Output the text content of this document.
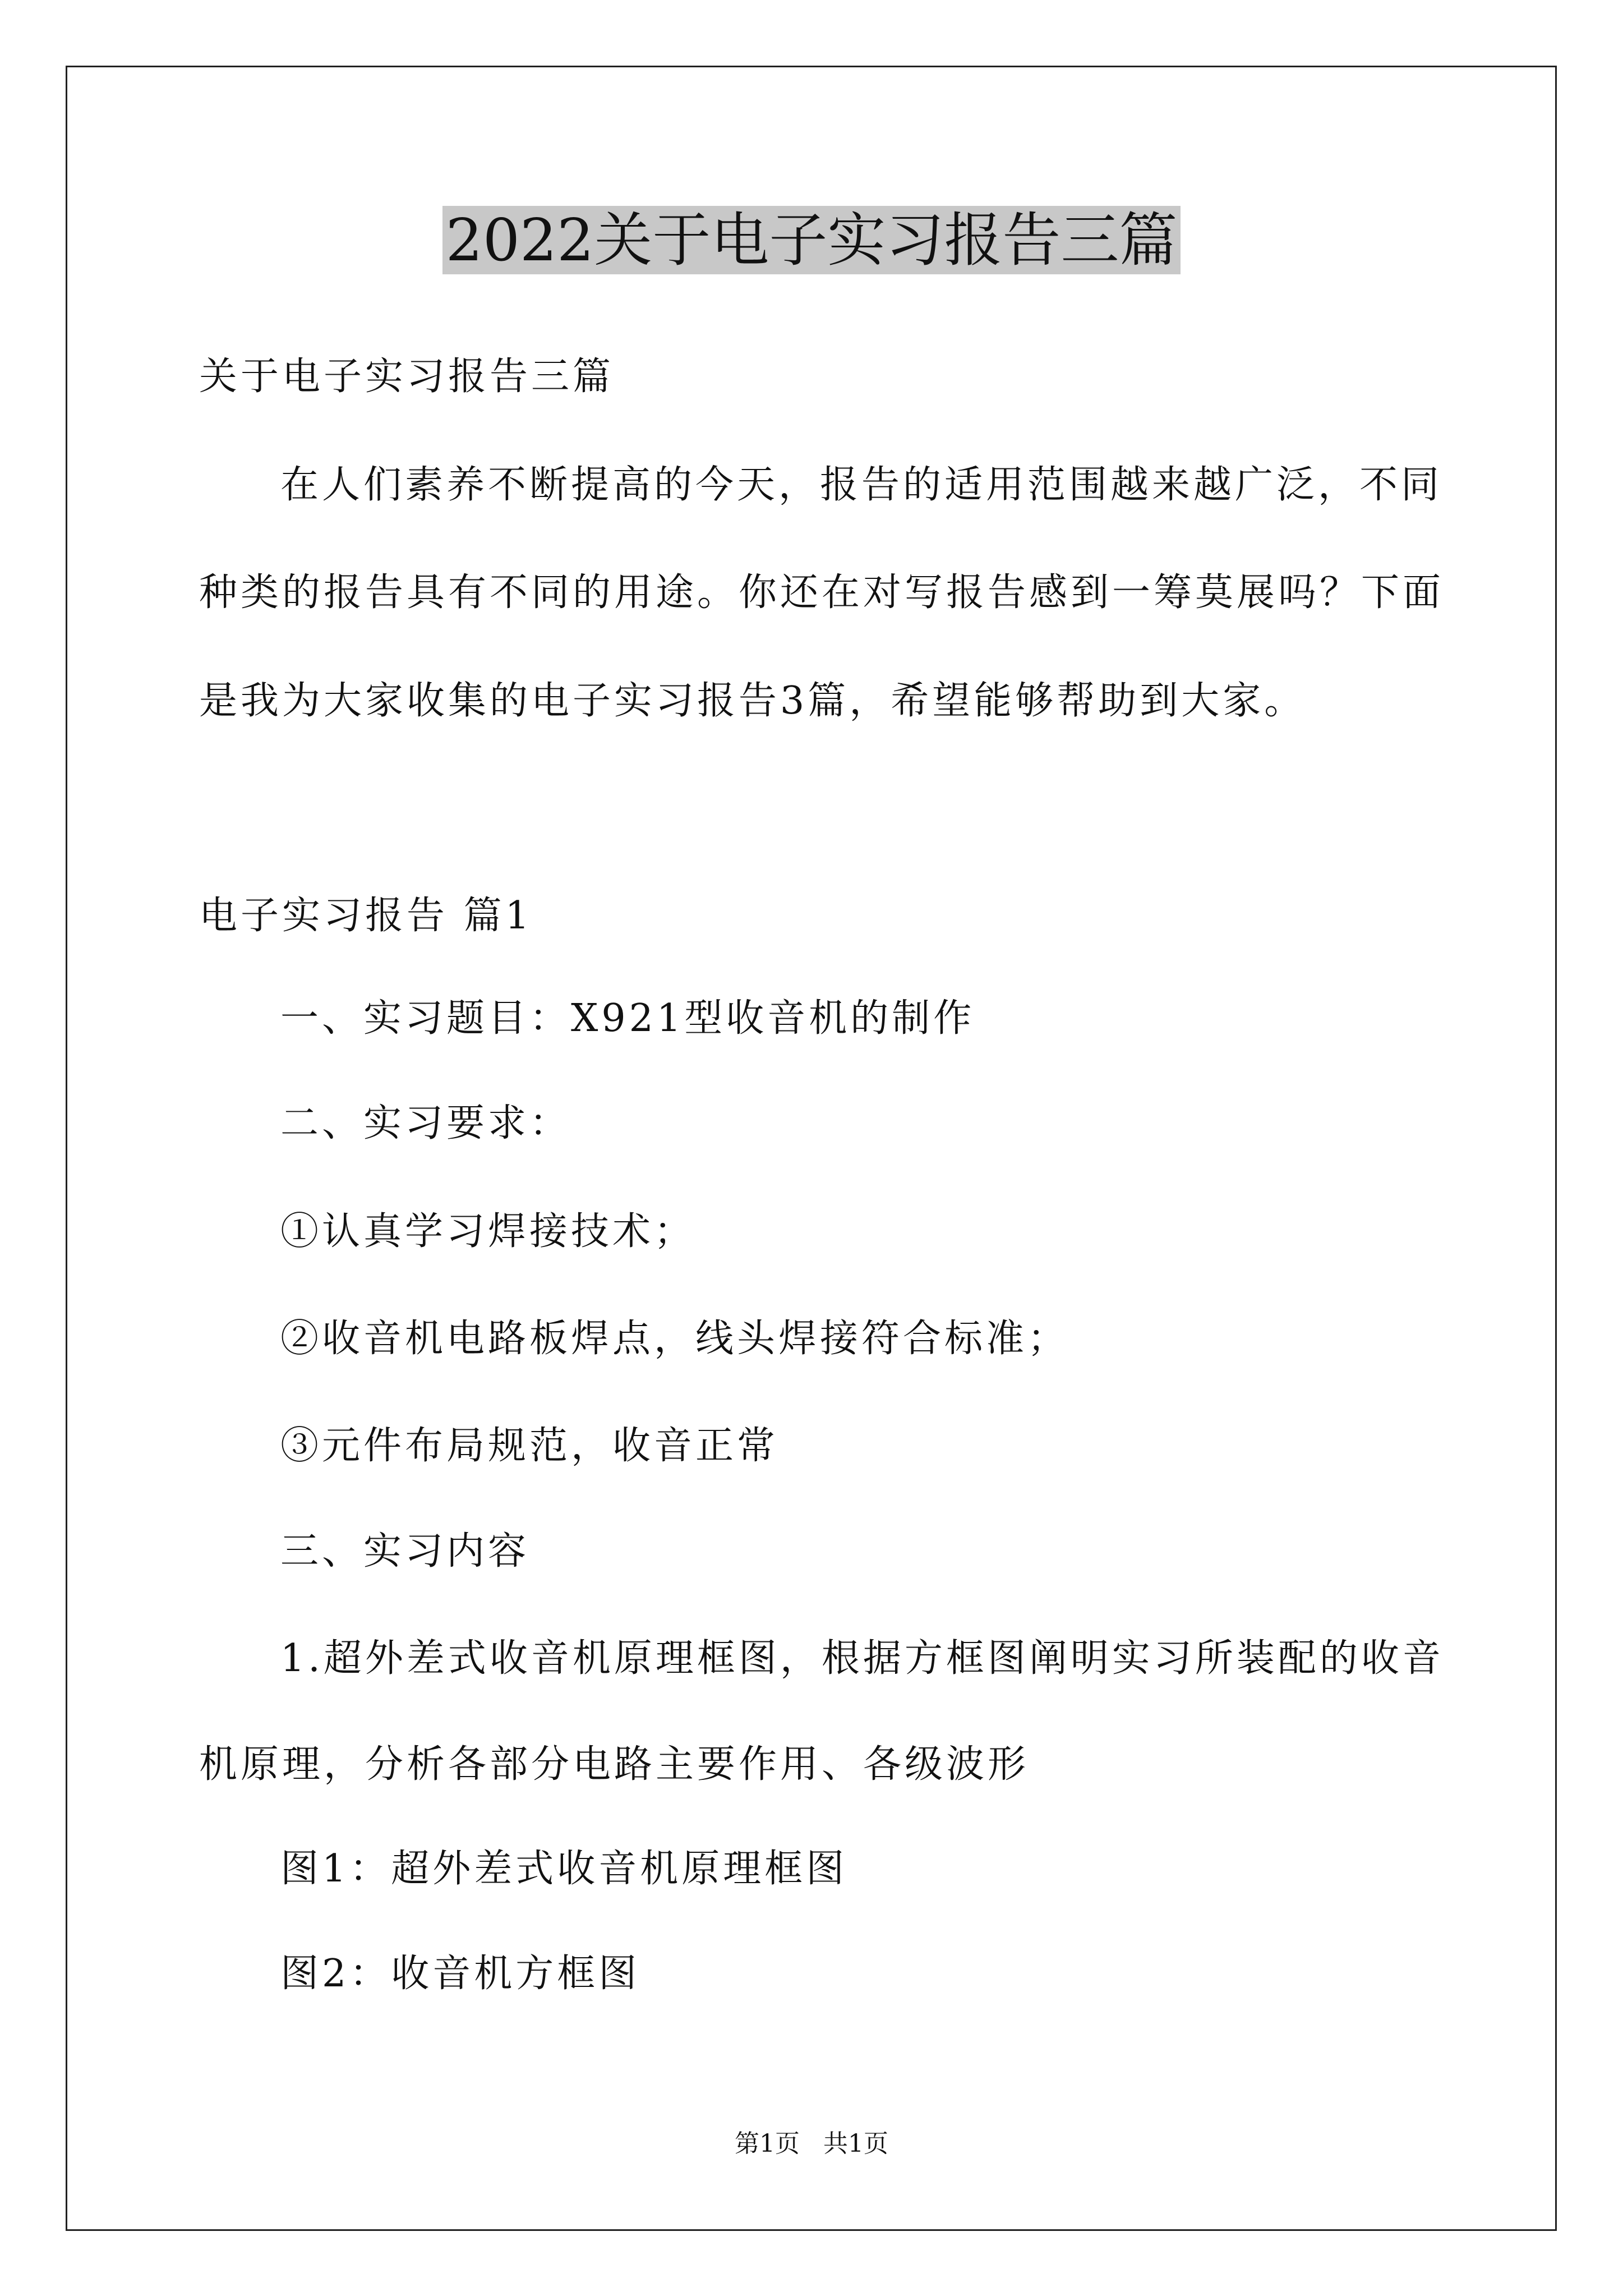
2022关于电子实习报告三篇
关于电子实习报告三篇
在人们素养不断提高的今天，报告的适用范围越来越广泛，不同
种类的报告具有不同的用途。你还在对写报告感到一筹莫展吗？下面
是我为大家收集的电子实习报告3篇，希望能够帮助到大家。
电子实习报告 篇1
一、实习题目：X921型收音机的制作
二、实习要求：
①认真学习焊接技术；
②收音机电路板焊点，线头焊接符合标准；
③元件布局规范，收音正常
三、实习内容
1.超外差式收音机原理框图，根据方框图阐明实习所装配的收音
机原理，分析各部分电路主要作用、各级波形
图1：超外差式收音机原理框图
图2：收音机方框图
第1页   共1页
